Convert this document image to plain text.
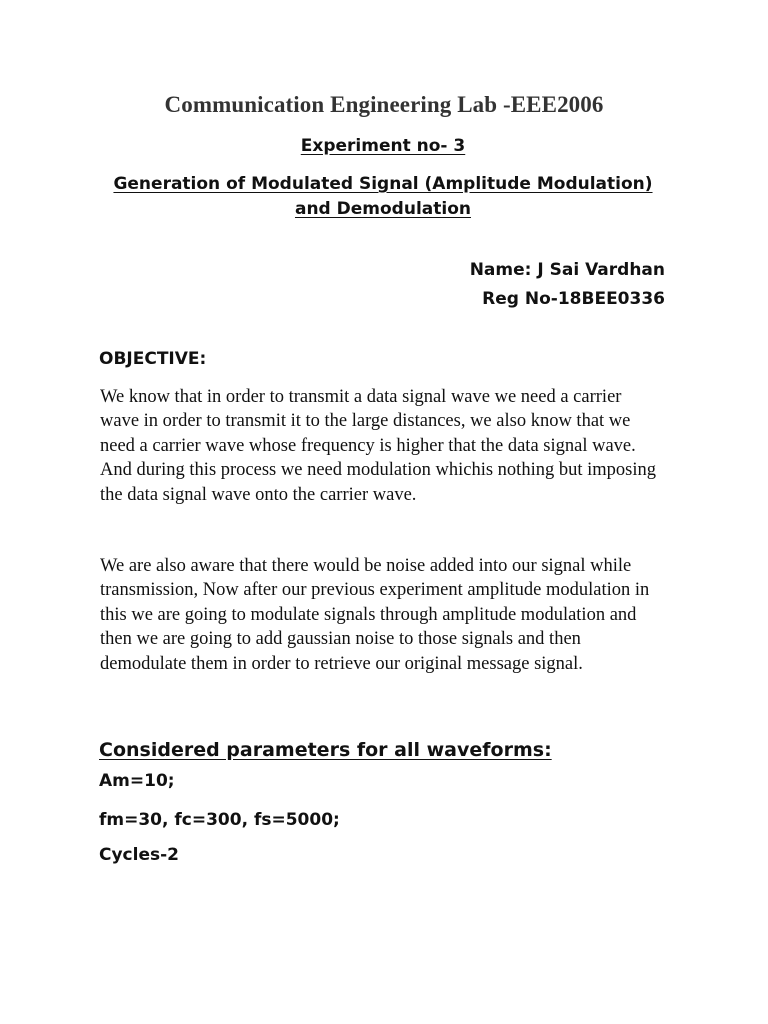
Communication Engineering Lab -EEE2006
Experiment no- 3
Generation of Modulated Signal (Amplitude Modulation) and Demodulation
Name: J Sai Vardhan
Reg No-18BEE0336
OBJECTIVE:
We know that in order to transmit a data signal wave we need a carrier wave in order to transmit it to the large distances, we also know that we need a carrier wave whose frequency is higher that the data signal wave. And during this process we need modulation whichis nothing but imposing the data signal wave onto the carrier wave.
We are also aware that there would be noise added into our signal while transmission, Now after our previous experiment amplitude modulation in this we are going to modulate signals through amplitude modulation and then we are going to add gaussian noise to those signals and then demodulate them in order to retrieve our original message signal.
Considered parameters for all waveforms:
Am=10;
fm=30, fc=300, fs=5000;
Cycles-2
